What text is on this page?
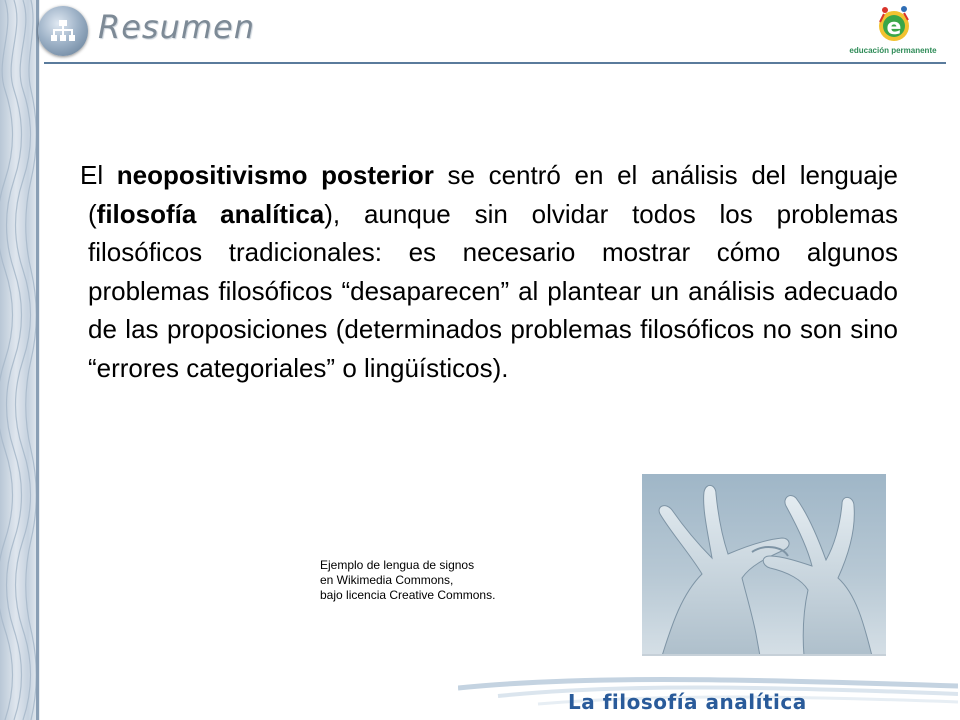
Resumen	e
educación permanente
El neopositivismo posterior se centró en el análisis del lenguaje (filosofía analítica), aunque sin olvidar todos los problemas filosóficos tradicionales: es necesario mostrar cómo algunos problemas filosóficos “desaparecen” al plantear un análisis adecuado de las proposiciones (determinados problemas filosóficos no son sino “errores categoriales” o lingüísticos).
Ejemplo de lengua de signos
en Wikimedia Commons,
bajo licencia Creative Commons.
La filosofía analítica
